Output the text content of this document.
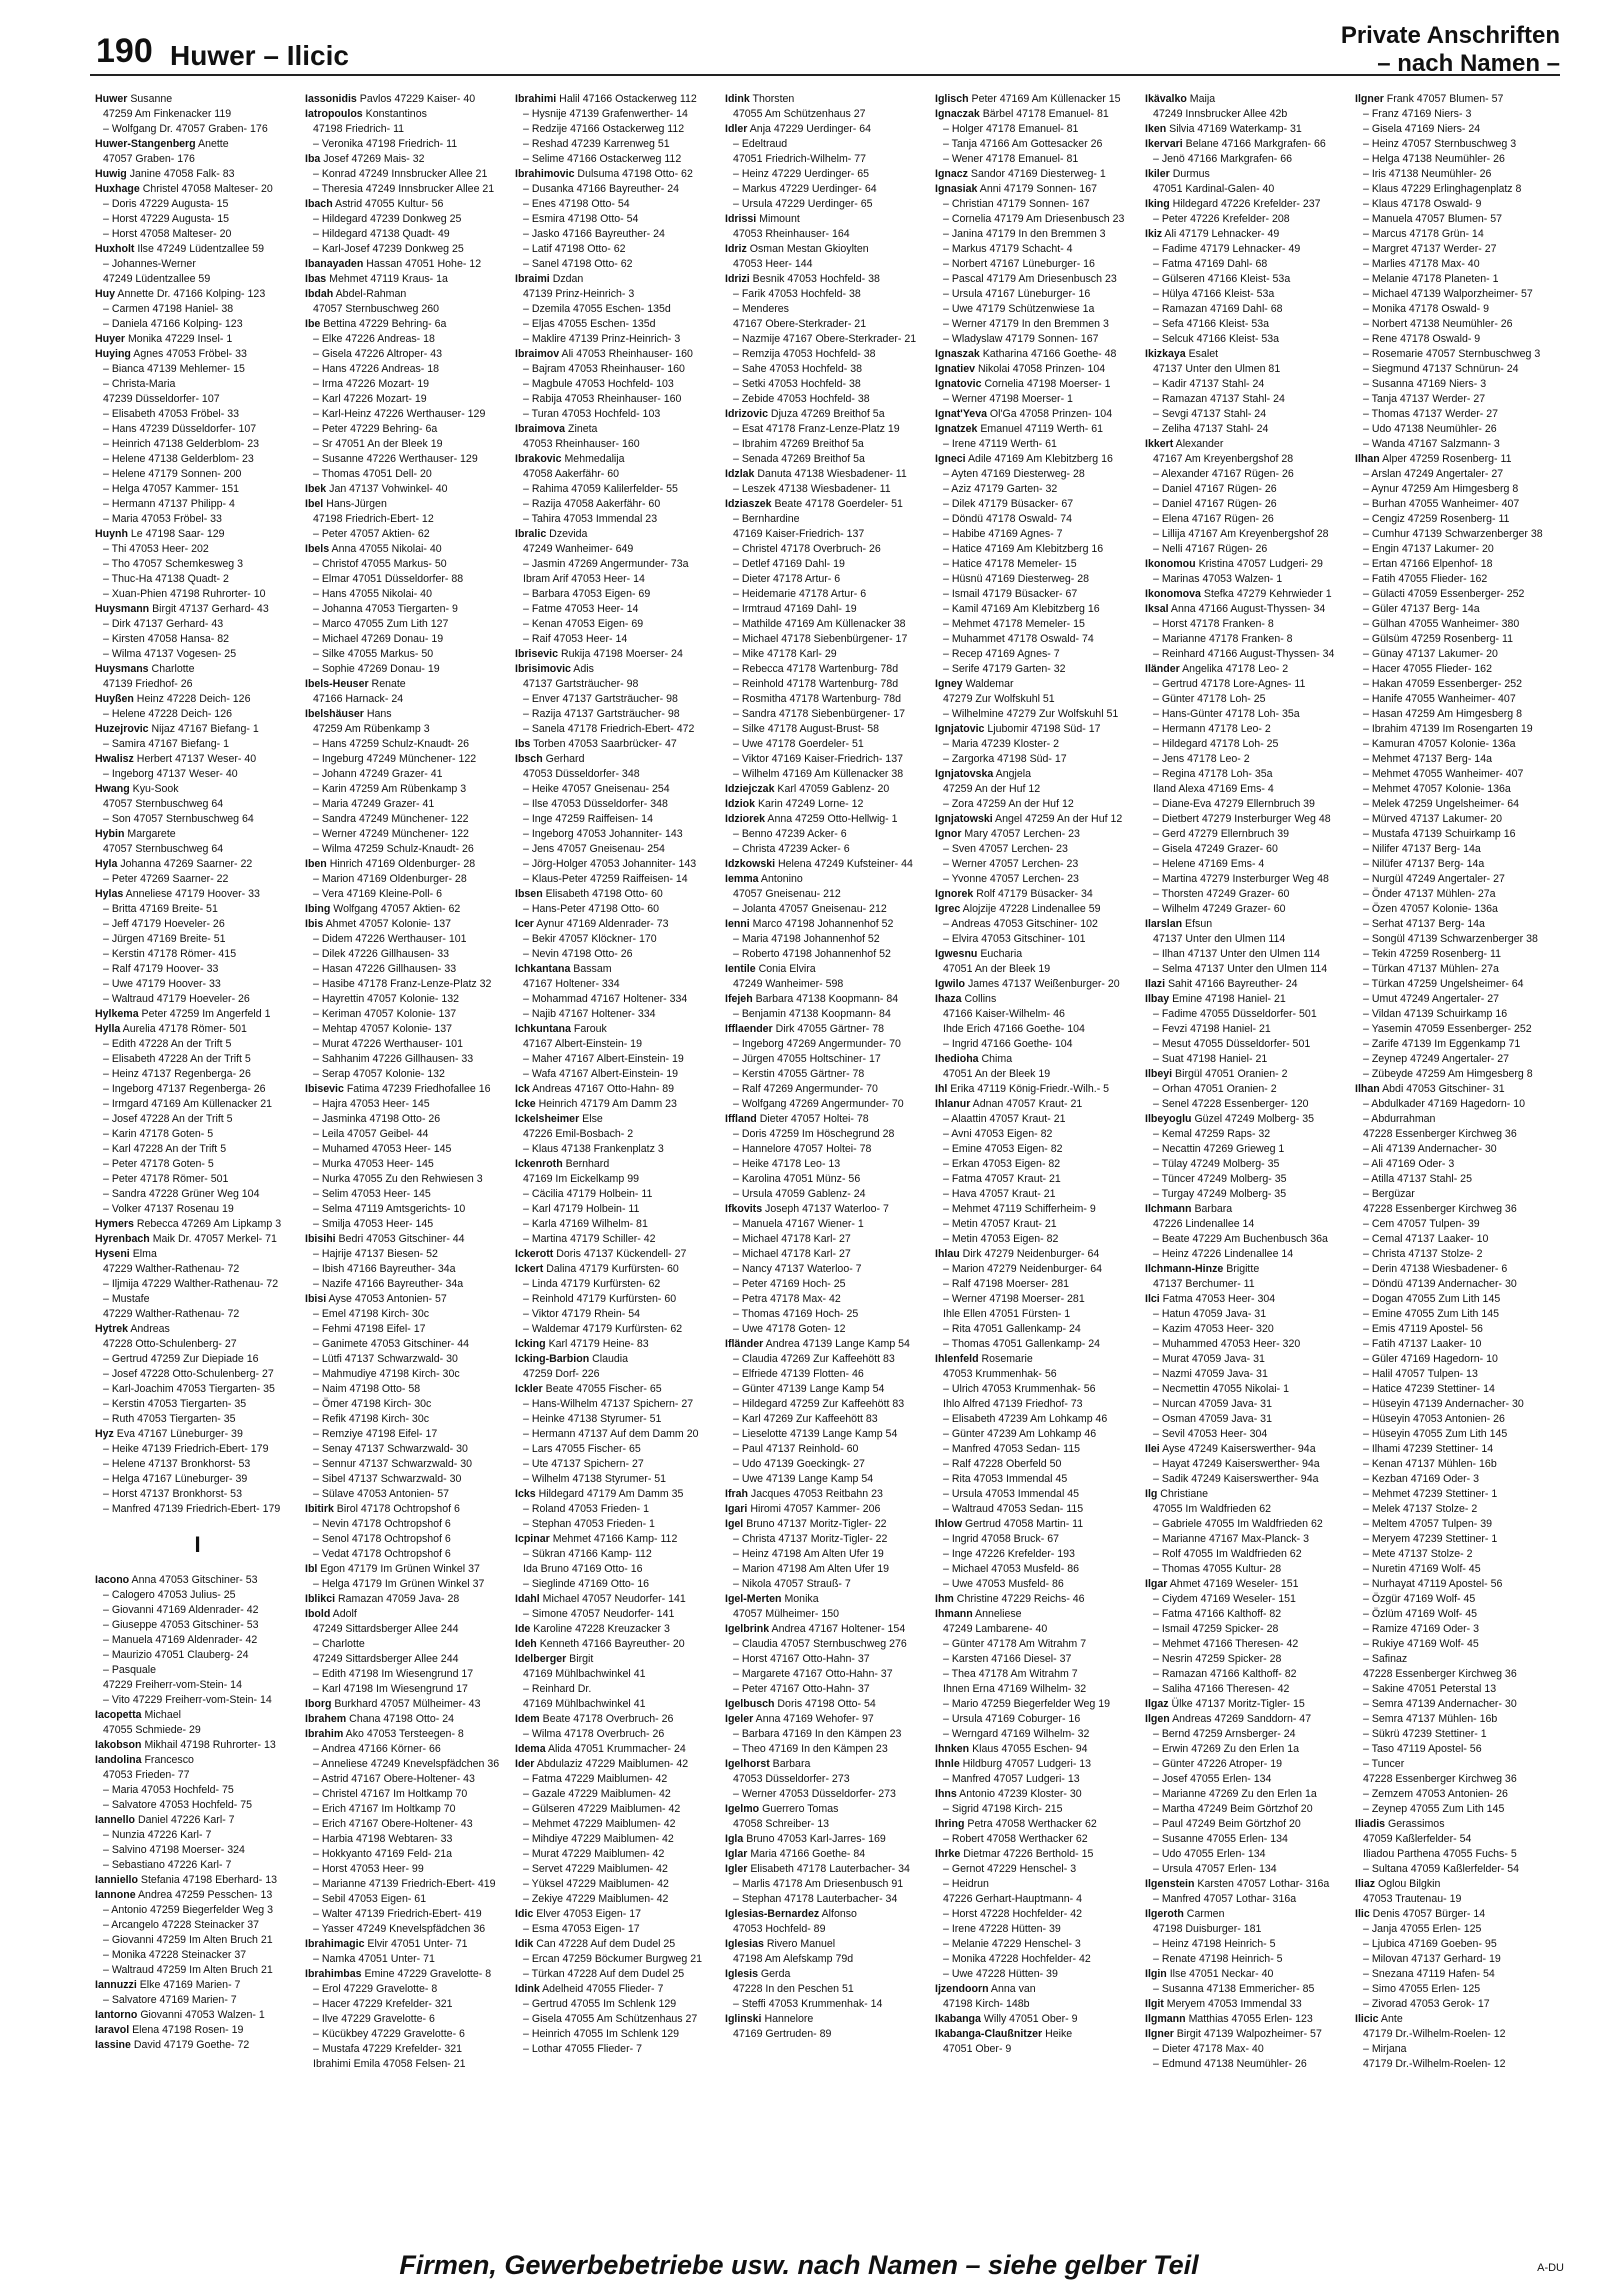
190 Huwer – Ilicic
Private Anschriften
– nach Namen –

Huwer Susanne

47259 Am Finkenacker 119

– Wolfgang Dr. 47057 Graben- 176

Huwer-Stangenberg Anette

47057 Graben- 176

Huwig Janine 47058 Falk- 83

Huxhage Christel 47058 Malteser- 20

– Doris 47229 Augusta- 15

– Horst 47229 Augusta- 15

– Horst 47058 Malteser- 20

Huxholt Ilse 47249 Lüdentzallee 59

– Johannes-Werner

47249 Lüdentzallee 59

Huy Annette Dr. 47166 Kolping- 123

– Carmen 47198 Haniel- 38

– Daniela 47166 Kolping- 123

Huyer Monika 47229 Insel- 1

Huying Agnes 47053 Fröbel- 33

– Bianca 47139 Mehlemer- 15

– Christa-Maria

47239 Düsseldorfer- 107

– Elisabeth 47053 Fröbel- 33

– Hans 47239 Düsseldorfer- 107

– Heinrich 47138 Gelderblom- 23

– Helene 47138 Gelderblom- 23

– Helene 47179 Sonnen- 200

– Helga 47057 Kammer- 151

– Hermann 47137 Philipp- 4

– Maria 47053 Fröbel- 33

Huynh Le 47198 Saar- 129

– Thi 47053 Heer- 202

– Tho 47057 Schemkesweg 3

– Thuc-Ha 47138 Quadt- 2

– Xuan-Phien 47198 Ruhrorter- 10

Huysmann Birgit 47137 Gerhard- 43

– Dirk 47137 Gerhard- 43

– Kirsten 47058 Hansa- 82

– Wilma 47137 Vogesen- 25

Huysmans Charlotte

47139 Friedhof- 26

Huyßen Heinz 47228 Deich- 126

– Helene 47228 Deich- 126

Huzejrovic Nijaz 47167 Biefang- 1

– Samira 47167 Biefang- 1

Hwalisz Herbert 47137 Weser- 40

– Ingeborg 47137 Weser- 40

Hwang Kyu-Sook

47057 Sternbuschweg 64

– Son 47057 Sternbuschweg 64

Hybin Margarete

47057 Sternbuschweg 64

Hyla Johanna 47269 Saarner- 22

– Peter 47269 Saarner- 22

Hylas Anneliese 47179 Hoover- 33

– Britta 47169 Breite- 51

– Jeff 47179 Hoeveler- 26

– Jürgen 47169 Breite- 51

– Kerstin 47178 Römer- 415

– Ralf 47179 Hoover- 33

– Uwe 47179 Hoover- 33

– Waltraud 47179 Hoeveler- 26

Hylkema Peter 47259 Im Angerfeld 1

Hylla Aurelia 47178 Römer- 501

– Edith 47228 An der Trift 5

– Elisabeth 47228 An der Trift 5

– Heinz 47137 Regenberga- 26

– Ingeborg 47137 Regenberga- 26

– Irmgard 47169 Am Küllenacker 21

– Josef 47228 An der Trift 5

– Karin 47178 Goten- 5

– Karl 47228 An der Trift 5

– Peter 47178 Goten- 5

– Peter 47178 Römer- 501

– Sandra 47228 Grüner Weg 104

– Volker 47137 Rosenau 19

Hymers Rebecca 47269 Am Lipkamp 3

Hyrenbach Maik Dr. 47057 Merkel- 71

Hyseni Elma

47229 Walther-Rathenau- 72

– Iljmija 47229 Walther-Rathenau- 72

– Mustafe

47229 Walther-Rathenau- 72

Hytrek Andreas

47228 Otto-Schulenberg- 27

– Gertrud 47259 Zur Diepiade 16

– Josef 47228 Otto-Schulenberg- 27

– Karl-Joachim 47053 Tiergarten- 35

– Kerstin 47053 Tiergarten- 35

– Ruth 47053 Tiergarten- 35

Hyz Eva 47167 Lüneburger- 39

– Heike 47139 Friedrich-Ebert- 179

– Helene 47137 Bronkhorst- 53

– Helga 47167 Lüneburger- 39

– Horst 47137 Bronkhorst- 53

– Manfred 47139 Friedrich-Ebert- 179

I

Iacono Anna 47053 Gitschiner- 53

– Calogero 47053 Julius- 25

– Giovanni 47169 Aldenrader- 42

– Giuseppe 47053 Gitschiner- 53

– Manuela 47169 Aldenrader- 42

– Maurizio 47051 Clauberg- 24

– Pasquale

47229 Freiherr-vom-Stein- 14

– Vito 47229 Freiherr-vom-Stein- 14

Iacopetta Michael

47055 Schmiede- 29

Iakobson Mikhail 47198 Ruhrorter- 13

Iandolina Francesco

47053 Frieden- 77

– Maria 47053 Hochfeld- 75

– Salvatore 47053 Hochfeld- 75

Iannello Daniel 47226 Karl- 7

– Nunzia 47226 Karl- 7

– Salvino 47198 Moerser- 324

– Sebastiano 47226 Karl- 7

Ianniello Stefania 47198 Eberhard- 13

Iannone Andrea 47259 Pesschen- 13

– Antonio 47259 Biegerfelder Weg 3

– Arcangelo 47228 Steinacker 37

– Giovanni 47259 Im Alten Bruch 21

– Monika 47228 Steinacker 37

– Waltraud 47259 Im Alten Bruch 21

Iannuzzi Elke 47169 Marien- 7

– Salvatore 47169 Marien- 7

Iantorno Giovanni 47053 Walzen- 1

Iaravol Elena 47198 Rosen- 19

Iassine David 47179 Goethe- 72

Iassonidis Pavlos 47229 Kaiser- 40

Iatropoulos Konstantinos

47198 Friedrich- 11

– Veronika 47198 Friedrich- 11

Iba Josef 47269 Mais- 32

– Konrad 47249 Innsbrucker Allee 21

– Theresia 47249 Innsbrucker Allee 21

Ibach Astrid 47055 Kultur- 56

– Hildegard 47239 Donkweg 25

– Hildegard 47138 Quadt- 49

– Karl-Josef 47239 Donkweg 25

Ibanayaden Hassan 47051 Hohe- 12

Ibas Mehmet 47119 Kraus- 1a

Ibdah Abdel-Rahman

47057 Sternbuschweg 260

Ibe Bettina 47229 Behring- 6a

– Elke 47226 Andreas- 18

– Gisela 47226 Altroper- 43

– Hans 47226 Andreas- 18

– Irma 47226 Mozart- 19

– Karl 47226 Mozart- 19

– Karl-Heinz 47226 Werthauser- 129

– Peter 47229 Behring- 6a

– Sr 47051 An der Bleek 19

– Susanne 47226 Werthauser- 129

– Thomas 47051 Dell- 20

Ibek Jan 47137 Vohwinkel- 40

Ibel Hans-Jürgen

47198 Friedrich-Ebert- 12

– Peter 47057 Aktien- 62

Ibels Anna 47055 Nikolai- 40

– Christof 47055 Markus- 50

– Elmar 47051 Düsseldorfer- 88

– Hans 47055 Nikolai- 40

– Johanna 47053 Tiergarten- 9

– Marco 47055 Zum Lith 127

– Michael 47269 Donau- 19

– Silke 47055 Markus- 50

– Sophie 47269 Donau- 19

Ibels-Heuser Renate

47166 Harnack- 24

Ibelshäuser Hans

47259 Am Rübenkamp 3

– Hans 47259 Schulz-Knaudt- 26

– Ingeburg 47249 Münchener- 122

– Johann 47249 Grazer- 41

– Karin 47259 Am Rübenkamp 3

– Maria 47249 Grazer- 41

– Sandra 47249 Münchener- 122

– Werner 47249 Münchener- 122

– Wilma 47259 Schulz-Knaudt- 26

Iben Hinrich 47169 Oldenburger- 28

– Marion 47169 Oldenburger- 28

– Vera 47169 Kleine-Poll- 6

Ibing Wolfgang 47057 Aktien- 62

Ibis Ahmet 47057 Kolonie- 137

– Didem 47226 Werthauser- 101

– Dilek 47226 Gillhausen- 33

– Hasan 47226 Gillhausen- 33

– Hasibe 47178 Franz-Lenze-Platz 32

– Hayrettin 47057 Kolonie- 132

– Keriman 47057 Kolonie- 137

– Mehtap 47057 Kolonie- 137

– Murat 47226 Werthauser- 101

– Sahhanim 47226 Gillhausen- 33

– Serap 47057 Kolonie- 132

Ibisevic Fatima 47239 Friedhofallee 16

– Hajra 47053 Heer- 145

– Jasminka 47198 Otto- 26

– Leila 47057 Geibel- 44

– Muhamed 47053 Heer- 145

– Murka 47053 Heer- 145

– Nurka 47055 Zu den Rehwiesen 3

– Selim 47053 Heer- 145

– Selma 47119 Amtsgerichts- 10

– Smilja 47053 Heer- 145

Ibisihi Bedri 47053 Gitschiner- 44

– Hajrije 47137 Biesen- 52

– Ibish 47166 Bayreuther- 34a

– Nazife 47166 Bayreuther- 34a

Ibisi Ayse 47053 Antonien- 57

– Emel 47198 Kirch- 30c

– Fehmi 47198 Eifel- 17

– Ganimete 47053 Gitschiner- 44

– Lütfi 47137 Schwarzwald- 30

– Mahmudiye 47198 Kirch- 30c

– Naim 47198 Otto- 58

– Ömer 47198 Kirch- 30c

– Refik 47198 Kirch- 30c

– Remziye 47198 Eifel- 17

– Senay 47137 Schwarzwald- 30

– Sennur 47137 Schwarzwald- 30

– Sibel 47137 Schwarzwald- 30

– Sülave 47053 Antonien- 57

Ibitirk Birol 47178 Ochtropshof 6

– Nevin 47178 Ochtropshof 6

– Senol 47178 Ochtropshof 6

– Vedat 47178 Ochtropshof 6

Ibl Egon 47179 Im Grünen Winkel 37

– Helga 47179 Im Grünen Winkel 37

Iblikci Ramazan 47059 Java- 28

Ibold Adolf

47249 Sittardsberger Allee 244

– Charlotte

47249 Sittardsberger Allee 244

– Edith 47198 Im Wiesengrund 17

– Karl 47198 Im Wiesengrund 17

Iborg Burkhard 47057 Mülheimer- 43

Ibrahem Chana 47198 Otto- 24

Ibrahim Ako 47053 Tersteegen- 8

– Andrea 47166 Körner- 66

– Anneliese 47249 Knevelspfädchen 36

– Astrid 47167 Obere-Holtener- 43

– Christel 47167 Im Holtkamp 70

– Erich 47167 Im Holtkamp 70

– Erich 47167 Obere-Holtener- 43

– Harbia 47198 Webtaren- 33

– Hokkyanto 47169 Feld- 21a

– Horst 47053 Heer- 99

– Marianne 47139 Friedrich-Ebert- 419

– Sebil 47053 Eigen- 61

– Walter 47139 Friedrich-Ebert- 419

– Yasser 47249 Knevelspfädchen 36

Ibrahimagic Elvir 47051 Unter- 71

– Namka 47051 Unter- 71

Ibrahimbas Emine 47229 Gravelotte- 8

– Erol 47229 Gravelotte- 8

– Hacer 47229 Krefelder- 321

– Ilve 47229 Gravelotte- 6

– Kücükbey 47229 Gravelotte- 6

– Mustafa 47229 Krefelder- 321

Ibrahimi Emila 47058 Felsen- 21

Ibrahimi Halil 47166 Ostackerweg 112

– Hysnije 47139 Grafenwerther- 14

– Redzije 47166 Ostackerweg 112

– Reshad 47239 Karrenweg 51

– Selime 47166 Ostackerweg 112

Ibrahimovic Dulsuma 47198 Otto- 62

– Dusanka 47166 Bayreuther- 24

– Enes 47198 Otto- 54

– Esmira 47198 Otto- 54

– Jasko 47166 Bayreuther- 24

– Latif 47198 Otto- 62

– Sanel 47198 Otto- 62

Ibraimi Dzdan

47139 Prinz-Heinrich- 3

– Dzemila 47055 Eschen- 135d

– Eljas 47055 Eschen- 135d

– Maklire 47139 Prinz-Heinrich- 3

Ibraimov Ali 47053 Rheinhauser- 160

– Bajram 47053 Rheinhauser- 160

– Magbule 47053 Hochfeld- 103

– Rabija 47053 Rheinhauser- 160

– Turan 47053 Hochfeld- 103

Ibraimova Zineta

47053 Rheinhauser- 160

Ibrakovic Mehmedalija

47058 Aakerfähr- 60

– Rahima 47059 Kalilerfelder- 55

– Razija 47058 Aakerfähr- 60

– Tahira 47053 Immendal 23

Ibralic Dzevida

47249 Wanheimer- 649

– Jasmin 47269 Angermunder- 73a

Ibram Arif 47053 Heer- 14

– Barbara 47053 Eigen- 69

– Fatme 47053 Heer- 14

– Kenan 47053 Eigen- 69

– Raif 47053 Heer- 14

Ibrisevic Rukija 47198 Moerser- 24

Ibrisimovic Adis

47137 Gartsträucher- 98

– Enver 47137 Gartsträucher- 98

– Razija 47137 Gartsträucher- 98

– Sanela 47178 Friedrich-Ebert- 472

Ibs Torben 47053 Saarbrücker- 47

Ibsch Gerhard

47053 Düsseldorfer- 348

– Heike 47057 Gneisenau- 254

– Ilse 47053 Düsseldorfer- 348

– Inge 47259 Raiffeisen- 14

– Ingeborg 47053 Johanniter- 143

– Jens 47057 Gneisenau- 254

– Jörg-Holger 47053 Johanniter- 143

– Klaus-Peter 47259 Raiffeisen- 14

Ibsen Elisabeth 47198 Otto- 60

– Hans-Peter 47198 Otto- 60

Icer Aynur 47169 Aldenrader- 73

– Bekir 47057 Klöckner- 170

– Nevin 47198 Otto- 26

Ichkantana Bassam

47167 Holtener- 334

– Mohammad 47167 Holtener- 334

– Najib 47167 Holtener- 334

Ichkuntana Farouk

47167 Albert-Einstein- 19

– Maher 47167 Albert-Einstein- 19

– Wafa 47167 Albert-Einstein- 19

Ick Andreas 47167 Otto-Hahn- 89

Icke Heinrich 47179 Am Damm 23

Ickelsheimer Else

47226 Emil-Bosbach- 2

– Klaus 47138 Frankenplatz 3

Ickenroth Bernhard

47169 Im Eickelkamp 99

– Cäcilia 47179 Holbein- 11

– Karl 47179 Holbein- 11

– Karla 47169 Wilhelm- 81

– Martina 47179 Schiller- 42

Ickerott Doris 47137 Kückendell- 27

Ickert Dalina 47179 Kurfürsten- 60

– Linda 47179 Kurfürsten- 62

– Reinhold 47179 Kurfürsten- 60

– Viktor 47179 Rhein- 54

– Waldemar 47179 Kurfürsten- 62

Icking Karl 47179 Heine- 83

Icking-Barbion Claudia

47259 Dorf- 226

Ickler Beate 47055 Fischer- 65

– Hans-Wilhelm 47137 Spichern- 27

– Heinke 47138 Styrumer- 51

– Hermann 47137 Auf dem Damm 20

– Lars 47055 Fischer- 65

– Ute 47137 Spichern- 27

– Wilhelm 47138 Styrumer- 51

Icks Hildegard 47179 Am Damm 35

– Roland 47053 Frieden- 1

– Stephan 47053 Frieden- 1

Icpinar Mehmet 47166 Kamp- 112

– Sükran 47166 Kamp- 112

Ida Bruno 47169 Otto- 16

– Sieglinde 47169 Otto- 16

Idahl Michael 47057 Neudorfer- 141

– Simone 47057 Neudorfer- 141

Ide Karoline 47228 Kreuzacker 3

Ideh Kenneth 47166 Bayreuther- 20

Idelberger Birgit

47169 Mühlbachwinkel 41

– Reinhard Dr.

47169 Mühlbachwinkel 41

Idem Beate 47178 Overbruch- 26

– Wilma 47178 Overbruch- 26

Idema Alida 47051 Krummacher- 24

Ider Abdulaziz 47229 Maiblumen- 42

– Fatma 47229 Maiblumen- 42

– Gazale 47229 Maiblumen- 42

– Gülseren 47229 Maiblumen- 42

– Mehmet 47229 Maiblumen- 42

– Mihdiye 47229 Maiblumen- 42

– Murat 47229 Maiblumen- 42

– Servet 47229 Maiblumen- 42

– Yüksel 47229 Maiblumen- 42

– Zekiye 47229 Maiblumen- 42

Idic Elver 47053 Eigen- 17

– Esma 47053 Eigen- 17

Idik Can 47228 Auf dem Dudel 25

– Ercan 47259 Böckumer Burgweg 21

– Türkan 47228 Auf dem Dudel 25

Idink Adelheid 47055 Flieder- 7

– Gertrud 47055 Im Schlenk 129

– Gisela 47055 Am Schützenhaus 27

– Heinrich 47055 Im Schlenk 129

– Lothar 47055 Flieder- 7

Idink Thorsten

47055 Am Schützenhaus 27

Idler Anja 47229 Uerdinger- 64

– Edeltraud

47051 Friedrich-Wilhelm- 77

– Heinz 47229 Uerdinger- 65

– Markus 47229 Uerdinger- 64

– Ursula 47229 Uerdinger- 65

Idrissi Mimount

47053 Rheinhauser- 164

Idriz Osman Mestan Gkioylten

47053 Heer- 144

Idrizi Besnik 47053 Hochfeld- 38

– Farik 47053 Hochfeld- 38

– Menderes

47167 Obere-Sterkrader- 21

– Nazmije 47167 Obere-Sterkrader- 21

– Remzija 47053 Hochfeld- 38

– Sahe 47053 Hochfeld- 38

– Setki 47053 Hochfeld- 38

– Zebide 47053 Hochfeld- 38

Idrizovic Djuza 47269 Breithof 5a

– Esat 47178 Franz-Lenze-Platz 19

– Ibrahim 47269 Breithof 5a

– Senada 47269 Breithof 5a

Idzlak Danuta 47138 Wiesbadener- 11

– Leszek 47138 Wiesbadener- 11

Idziaszek Beate 47178 Goerdeler- 51

– Bernhardine

47169 Kaiser-Friedrich- 137

– Christel 47178 Overbruch- 26

– Detlef 47169 Dahl- 19

– Dieter 47178 Artur- 6

– Heidemarie 47178 Artur- 6

– Irmtraud 47169 Dahl- 19

– Mathilde 47169 Am Küllenacker 38

– Michael 47178 Siebenbürgener- 17

– Mike 47178 Karl- 29

– Rebecca 47178 Wartenburg- 78d

– Reinhold 47178 Wartenburg- 78d

– Rosmitha 47178 Wartenburg- 78d

– Sandra 47178 Siebenbürgener- 17

– Silke 47178 August-Brust- 58

– Uwe 47178 Goerdeler- 51

– Viktor 47169 Kaiser-Friedrich- 137

– Wilhelm 47169 Am Küllenacker 38

Idziejczak Karl 47059 Gablenz- 20

Idziok Karin 47249 Lorne- 12

Idziorek Anna 47259 Otto-Hellwig- 1

– Benno 47239 Acker- 6

– Christa 47239 Acker- 6

Idzkowski Helena 47249 Kufsteiner- 44

Iemma Antonino

47057 Gneisenau- 212

– Jolanta 47057 Gneisenau- 212

Ienni Marco 47198 Johannenhof 52

– Maria 47198 Johannenhof 52

– Roberto 47198 Johannenhof 52

Ientile Conia Elvira

47249 Wanheimer- 598

Ifejeh Barbara 47138 Koopmann- 84

– Benjamin 47138 Koopmann- 84

Ifflaender Dirk 47055 Gärtner- 78

– Ingeborg 47269 Angermunder- 70

– Jürgen 47055 Holtschiner- 17

– Kerstin 47055 Gärtner- 78

– Ralf 47269 Angermunder- 70

– Wolfgang 47269 Angermunder- 70

Iffland Dieter 47057 Holtei- 78

– Doris 47259 Im Höschegrund 28

– Hannelore 47057 Holtei- 78

– Heike 47178 Leo- 13

– Karolina 47051 Münz- 56

– Ursula 47059 Gablenz- 24

Ifkovits Joseph 47137 Waterloo- 7

– Manuela 47167 Wiener- 1

– Michael 47178 Karl- 27

– Michael 47178 Karl- 27

– Nancy 47137 Waterloo- 7

– Peter 47169 Hoch- 25

– Petra 47178 Max- 42

– Thomas 47169 Hoch- 25

– Uwe 47178 Goten- 12

Ifländer Andrea 47139 Lange Kamp 54

– Claudia 47269 Zur Kaffeehött 83

– Elfriede 47139 Flotten- 46

– Günter 47139 Lange Kamp 54

– Hildegard 47259 Zur Kaffeehött 83

– Karl 47269 Zur Kaffeehött 83

– Lieselotte 47139 Lange Kamp 54

– Paul 47137 Reinhold- 60

– Udo 47139 Goeckingk- 27

– Uwe 47139 Lange Kamp 54

Ifrah Jacques 47053 Reitbahn 23

Igari Hiromi 47057 Kammer- 206

Igel Bruno 47137 Moritz-Tigler- 22

– Christa 47137 Moritz-Tigler- 22

– Heinz 47198 Am Alten Ufer 19

– Marion 47198 Am Alten Ufer 19

– Nikola 47057 Strauß- 7

Igel-Merten Monika

47057 Mülheimer- 150

Igelbrink Andrea 47167 Holtener- 154

– Claudia 47057 Sternbuschweg 276

– Horst 47167 Otto-Hahn- 37

– Margarete 47167 Otto-Hahn- 37

– Peter 47167 Otto-Hahn- 37

Igelbusch Doris 47198 Otto- 54

Igeler Anna 47169 Wehofer- 97

– Barbara 47169 In den Kämpen 23

– Theo 47169 In den Kämpen 23

Igelhorst Barbara

47053 Düsseldorfer- 273

– Werner 47053 Düsseldorfer- 273

Igelmo Guerrero Tomas

47058 Schreiber- 13

Igla Bruno 47053 Karl-Jarres- 169

Iglar Maria 47166 Goethe- 84

Igler Elisabeth 47178 Lauterbacher- 34

– Marlis 47178 Am Driesenbusch 91

– Stephan 47178 Lauterbacher- 34

Iglesias-Bernardez Alfonso

47053 Hochfeld- 89

Iglesias Rivero Manuel

47198 Am Alefskamp 79d

Iglesis Gerda

47228 In den Peschen 51

– Steffi 47053 Krummenhak- 14

Iglinski Hannelore

47169 Gertruden- 89

Iglisch Peter 47169 Am Küllenacker 15

Ignaczak Bärbel 47178 Emanuel- 81

– Holger 47178 Emanuel- 81

– Tanja 47166 Am Gottesacker 26

– Wener 47178 Emanuel- 81

Ignacz Sandor 47169 Diesterweg- 1

Ignasiak Anni 47179 Sonnen- 167

– Christian 47179 Sonnen- 167

– Cornelia 47179 Am Driesenbusch 23

– Janina 47179 In den Bremmen 3

– Markus 47179 Schacht- 4

– Norbert 47167 Lüneburger- 16

– Pascal 47179 Am Driesenbusch 23

– Ursula 47167 Lüneburger- 16

– Uwe 47179 Schützenwiese 1a

– Werner 47179 In den Bremmen 3

– Wladyslaw 47179 Sonnen- 167

Ignaszak Katharina 47166 Goethe- 48

Ignatiev Nikolai 47058 Prinzen- 104

Ignatovic Cornelia 47198 Moerser- 1

– Werner 47198 Moerser- 1

Ignat'Yeva Ol'Ga 47058 Prinzen- 104

Ignatzek Emanuel 47119 Werth- 61

– Irene 47119 Werth- 61

Igneci Adile 47169 Am Klebitzberg 16

– Ayten 47169 Diesterweg- 28

– Aziz 47179 Garten- 32

– Dilek 47179 Büsacker- 67

– Döndü 47178 Oswald- 74

– Habibe 47169 Agnes- 7

– Hatice 47169 Am Klebitzberg 16

– Hatice 47178 Memeler- 15

– Hüsnü 47169 Diesterweg- 28

– Ismail 47179 Büsacker- 67

– Kamil 47169 Am Klebitzberg 16

– Mehmet 47178 Memeler- 15

– Muhammet 47178 Oswald- 74

– Recep 47169 Agnes- 7

– Serife 47179 Garten- 32

Igney Waldemar

47279 Zur Wolfskuhl 51

– Wilhelmine 47279 Zur Wolfskuhl 51

Ignjatovic Ljubomir 47198 Süd- 17

– Maria 47239 Kloster- 2

– Zargorka 47198 Süd- 17

Ignjatovska Angjela

47259 An der Huf 12

– Zora 47259 An der Huf 12

Ignjatowski Angel 47259 An der Huf 12

Ignor Mary 47057 Lerchen- 23

– Sven 47057 Lerchen- 23

– Werner 47057 Lerchen- 23

– Yvonne 47057 Lerchen- 23

Ignorek Rolf 47179 Büsacker- 34

Igrec Alojzije 47228 Lindenallee 59

– Andreas 47053 Gitschiner- 102

– Elvira 47053 Gitschiner- 101

Igwesnu Eucharia

47051 An der Bleek 19

Igwilo James 47137 Weißenburger- 20

Ihaza Collins

47166 Kaiser-Wilhelm- 46

Ihde Erich 47166 Goethe- 104

– Ingrid 47166 Goethe- 104

Ihedioha Chima

47051 An der Bleek 19

Ihl Erika 47119 König-Friedr.-Wilh.- 5

Ihlanur Adnan 47057 Kraut- 21

– Alaattin 47057 Kraut- 21

– Avni 47053 Eigen- 82

– Emine 47053 Eigen- 82

– Erkan 47053 Eigen- 82

– Fatma 47057 Kraut- 21

– Hava 47057 Kraut- 21

– Mehmet 47119 Schifferheim- 9

– Metin 47057 Kraut- 21

– Metin 47053 Eigen- 82

Ihlau Dirk 47279 Neidenburger- 64

– Marion 47279 Neidenburger- 64

– Ralf 47198 Moerser- 281

– Werner 47198 Moerser- 281

Ihle Ellen 47051 Fürsten- 1

– Rita 47051 Gallenkamp- 24

– Thomas 47051 Gallenkamp- 24

Ihlenfeld Rosemarie

47053 Krummenhak- 56

– Ulrich 47053 Krummenhak- 56

Ihlo Alfred 47139 Friedhof- 73

– Elisabeth 47239 Am Lohkamp 46

– Günter 47239 Am Lohkamp 46

– Manfred 47053 Sedan- 115

– Ralf 47228 Oberfeld 50

– Rita 47053 Immendal 45

– Ursula 47053 Immendal 45

– Waltraud 47053 Sedan- 115

Ihlow Gertrud 47058 Martin- 11

– Ingrid 47058 Bruck- 67

– Inge 47226 Krefelder- 193

– Michael 47053 Musfeld- 86

– Uwe 47053 Musfeld- 86

Ihm Christine 47229 Reichs- 46

Ihmann Anneliese

47249 Lambarene- 40

– Günter 47178 Am Witrahm 7

– Karsten 47166 Diesel- 37

– Thea 47178 Am Witrahm 7

Ihnen Erna 47169 Wilhelm- 32

– Mario 47259 Biegerfelder Weg 19

– Ursula 47169 Coburger- 16

– Werngard 47169 Wilhelm- 32

Ihnken Klaus 47055 Eschen- 94

Ihnle Hildburg 47057 Ludgeri- 13

– Manfred 47057 Ludgeri- 13

Ihns Antonio 47239 Kloster- 30

– Sigrid 47198 Kirch- 215

Ihring Petra 47058 Werthacker 62

– Robert 47058 Werthacker 62

Ihrke Dietmar 47226 Berthold- 15

– Gernot 47229 Henschel- 3

– Heidrun

47226 Gerhart-Hauptmann- 4

– Horst 47228 Hochfelder- 42

– Irene 47228 Hütten- 39

– Melanie 47229 Henschel- 3

– Monika 47228 Hochfelder- 42

– Uwe 47228 Hütten- 39

Ijzendoorn Anna van

47198 Kirch- 148b

Ikabanga Willy 47051 Ober- 9

Ikabanga-Claußnitzer Heike

47051 Ober- 9

Ikävalko Maija

47249 Innsbrucker Allee 42b

Iken Silvia 47169 Waterkamp- 31

Ikervari Belane 47166 Markgrafen- 66

– Jenö 47166 Markgrafen- 66

Ikiler Durmus

47051 Kardinal-Galen- 40

Iking Hildegard 47226 Krefelder- 237

– Peter 47226 Krefelder- 208

Ikiz Ali 47179 Lehnacker- 49

– Fadime 47179 Lehnacker- 49

– Fatma 47169 Dahl- 68

– Gülseren 47166 Kleist- 53a

– Hülya 47166 Kleist- 53a

– Ramazan 47169 Dahl- 68

– Sefa 47166 Kleist- 53a

– Selcuk 47166 Kleist- 53a

Ikizkaya Esalet

47137 Unter den Ulmen 81

– Kadir 47137 Stahl- 24

– Ramazan 47137 Stahl- 24

– Sevgi 47137 Stahl- 24

– Zeliha 47137 Stahl- 24

Ikkert Alexander

47167 Am Kreyenbergshof 28

– Alexander 47167 Rügen- 26

– Daniel 47167 Rügen- 26

– Daniel 47167 Rügen- 26

– Elena 47167 Rügen- 26

– Lillija 47167 Am Kreyenbergshof 28

– Nelli 47167 Rügen- 26

Ikonomou Kristina 47057 Ludgeri- 29

– Marinas 47053 Walzen- 1

Ikonomova Stefka 47279 Kehrwieder 1

Iksal Anna 47166 August-Thyssen- 34

– Horst 47178 Franken- 8

– Marianne 47178 Franken- 8

– Reinhard 47166 August-Thyssen- 34

Iländer Angelika 47178 Leo- 2

– Gertrud 47178 Lore-Agnes- 11

– Günter 47178 Loh- 25

– Hans-Günter 47178 Loh- 35a

– Hermann 47178 Leo- 2

– Hildegard 47178 Loh- 25

– Jens 47178 Leo- 2

– Regina 47178 Loh- 35a

Iland Alexa 47169 Ems- 4

– Diane-Eva 47279 Ellernbruch 39

– Dietbert 47279 Insterburger Weg 48

– Gerd 47279 Ellernbruch 39

– Gisela 47249 Grazer- 60

– Helene 47169 Ems- 4

– Martina 47279 Insterburger Weg 48

– Thorsten 47249 Grazer- 60

– Wilhelm 47249 Grazer- 60

Ilarslan Efsun

47137 Unter den Ulmen 114

– Ilhan 47137 Unter den Ulmen 114

– Selma 47137 Unter den Ulmen 114

Ilazi Sahit 47166 Bayreuther- 24

Ilbay Emine 47198 Haniel- 21

– Fadime 47055 Düsseldorfer- 501

– Fevzi 47198 Haniel- 21

– Mesut 47055 Düsseldorfer- 501

– Suat 47198 Haniel- 21

Ilbeyi Birgül 47051 Oranien- 2

– Orhan 47051 Oranien- 2

– Senel 47228 Essenberger- 120

Ilbeyoglu Güzel 47249 Molberg- 35

– Kemal 47259 Raps- 32

– Necattin 47269 Grieweg 1

– Tülay 47249 Molberg- 35

– Tüncer 47249 Molberg- 35

– Turgay 47249 Molberg- 35

Ilchmann Barbara

47226 Lindenallee 14

– Beate 47229 Am Buchenbusch 36a

– Heinz 47226 Lindenallee 14

Ilchmann-Hinze Brigitte

47137 Berchumer- 11

Ilci Fatma 47053 Heer- 304

– Hatun 47059 Java- 31

– Kazim 47053 Heer- 320

– Muhammed 47053 Heer- 320

– Murat 47059 Java- 31

– Nazmi 47059 Java- 31

– Necmettin 47055 Nikolai- 1

– Nurcan 47059 Java- 31

– Osman 47059 Java- 31

– Sevil 47053 Heer- 304

Ilei Ayse 47249 Kaiserswerther- 94a

– Hayat 47249 Kaiserswerther- 94a

– Sadik 47249 Kaiserswerther- 94a

Ilg Christiane

47055 Im Waldfrieden 62

– Gabriele 47055 Im Waldfrieden 62

– Marianne 47167 Max-Planck- 3

– Rolf 47055 Im Waldfrieden 62

– Thomas 47055 Kultur- 28

Ilgar Ahmet 47169 Weseler- 151

– Ciydem 47169 Weseler- 151

– Fatma 47166 Kalthoff- 82

– Ismail 47259 Spicker- 28

– Mehmet 47166 Theresen- 42

– Nesrin 47259 Spicker- 28

– Ramazan 47166 Kalthoff- 82

– Saliha 47166 Theresen- 42

Ilgaz Ülke 47137 Moritz-Tigler- 15

Ilgen Andreas 47269 Sanddorn- 47

– Bernd 47259 Arnsberger- 24

– Erwin 47269 Zu den Erlen 1a

– Günter 47226 Atroper- 19

– Josef 47055 Erlen- 134

– Marianne 47269 Zu den Erlen 1a

– Martha 47249 Beim Görtzhof 20

– Paul 47249 Beim Görtzhof 20

– Susanne 47055 Erlen- 134

– Udo 47055 Erlen- 134

– Ursula 47057 Erlen- 134

Ilgenstein Karsten 47057 Lothar- 316a

– Manfred 47057 Lothar- 316a

Ilgeroth Carmen

47198 Duisburger- 181

– Heinz 47198 Heinrich- 5

– Renate 47198 Heinrich- 5

Ilgin Ilse 47051 Neckar- 40

– Susanna 47138 Emmericher- 85

Ilgit Meryem 47053 Immendal 33

Ilgmann Matthias 47055 Erlen- 123

Ilgner Birgit 47139 Walpozheimer- 57

– Dieter 47178 Max- 40

– Edmund 47138 Neumühler- 26

Ilgner Frank 47057 Blumen- 57

– Franz 47169 Niers- 3

– Gisela 47169 Niers- 24

– Heinz 47057 Sternbuschweg 3

– Helga 47138 Neumühler- 26

– Iris 47138 Neumühler- 26

– Klaus 47229 Erlinghagenplatz 8

– Klaus 47178 Oswald- 9

– Manuela 47057 Blumen- 57

– Marcus 47178 Grün- 14

– Margret 47137 Werder- 27

– Marlies 47178 Max- 40

– Melanie 47178 Planeten- 1

– Michael 47139 Walporzheimer- 57

– Monika 47178 Oswald- 9

– Norbert 47138 Neumühler- 26

– Rene 47178 Oswald- 9

– Rosemarie 47057 Sternbuschweg 3

– Siegmund 47137 Schnürun- 24

– Susanna 47169 Niers- 3

– Tanja 47137 Werder- 27

– Thomas 47137 Werder- 27

– Udo 47138 Neumühler- 26

– Wanda 47167 Salzmann- 3

Ilhan Alper 47259 Rosenberg- 11

– Arslan 47249 Angertaler- 27

– Aynur 47259 Am Himgesberg 8

– Burhan 47055 Wanheimer- 407

– Cengiz 47259 Rosenberg- 11

– Cumhur 47139 Schwarzenberger 38

– Engin 47137 Lakumer- 20

– Ertan 47166 Elpenhof- 18

– Fatih 47055 Flieder- 162

– Gülacti 47059 Essenberger- 252

– Güler 47137 Berg- 14a

– Gülhan 47055 Wanheimer- 380

– Gülsüm 47259 Rosenberg- 11

– Günay 47137 Lakumer- 20

– Hacer 47055 Flieder- 162

– Hakan 47059 Essenberger- 252

– Hanife 47055 Wanheimer- 407

– Hasan 47259 Am Himgesberg 8

– Ibrahim 47139 Im Rosengarten 19

– Kamuran 47057 Kolonie- 136a

– Mehmet 47137 Berg- 14a

– Mehmet 47055 Wanheimer- 407

– Mehmet 47057 Kolonie- 136a

– Melek 47259 Ungelsheimer- 64

– Mürved 47137 Lakumer- 20

– Mustafa 47139 Schuirkamp 16

– Nilifer 47137 Berg- 14a

– Nilüfer 47137 Berg- 14a

– Nurgül 47249 Angertaler- 27

– Önder 47137 Mühlen- 27a

– Özen 47057 Kolonie- 136a

– Serhat 47137 Berg- 14a

– Songül 47139 Schwarzenberger 38

– Tekin 47259 Rosenberg- 11

– Türkan 47137 Mühlen- 27a

– Türkan 47259 Ungelsheimer- 64

– Umut 47249 Angertaler- 27

– Vildan 47139 Schuirkamp 16

– Yasemin 47059 Essenberger- 252

– Zarife 47139 Im Eggenkamp 71

– Zeynep 47249 Angertaler- 27

– Zübeyde 47259 Am Himgesberg 8

Ilhan Abdi 47053 Gitschiner- 31

– Abdulkader 47169 Hagedorn- 10

– Abdurrahman

47228 Essenberger Kirchweg 36

– Ali 47139 Andernacher- 30

– Ali 47169 Oder- 3

– Atilla 47137 Stahl- 25

– Bergüzar

47228 Essenberger Kirchweg 36

– Cem 47057 Tulpen- 39

– Cemal 47137 Laaker- 10

– Christa 47137 Stolze- 2

– Derin 47138 Wiesbadener- 6

– Döndü 47139 Andernacher- 30

– Dogan 47055 Zum Lith 145

– Emine 47055 Zum Lith 145

– Emis 47119 Apostel- 56

– Fatih 47137 Laaker- 10

– Güler 47169 Hagedorn- 10

– Halil 47057 Tulpen- 13

– Hatice 47239 Stettiner- 14

– Hüseyin 47139 Andernacher- 30

– Hüseyin 47053 Antonien- 26

– Hüseyin 47055 Zum Lith 145

– Ilhami 47239 Stettiner- 14

– Kenan 47137 Mühlen- 16b

– Kezban 47169 Oder- 3

– Mehmet 47239 Stettiner- 1

– Melek 47137 Stolze- 2

– Meltem 47057 Tulpen- 39

– Meryem 47239 Stettiner- 1

– Mete 47137 Stolze- 2

– Nuretin 47169 Wolf- 45

– Nurhayat 47119 Apostel- 56

– Özgür 47169 Wolf- 45

– Özlüm 47169 Wolf- 45

– Ramize 47169 Oder- 3

– Rukiye 47169 Wolf- 45

– Safinaz

47228 Essenberger Kirchweg 36

– Sakine 47051 Peterstal 13

– Semra 47139 Andernacher- 30

– Semra 47137 Mühlen- 16b

– Sükrü 47239 Stettiner- 1

– Taso 47119 Apostel- 56

– Tuncer

47228 Essenberger Kirchweg 36

– Zemzem 47053 Antonien- 26

– Zeynep 47055 Zum Lith 145

Iliadis Gerassimos

47059 Kaßlerfelder- 54

Iliadou Parthena 47055 Fuchs- 5

– Sultana 47059 Kaßlerfelder- 54

Iliaz Oglou Bilgkin

47053 Trautenau- 19

Ilic Denis 47057 Bürger- 14

– Janja 47055 Erlen- 125

– Ljubica 47169 Goeben- 95

– Milovan 47137 Gerhard- 19

– Snezana 47119 Hafen- 54

– Simo 47055 Erlen- 125

– Zivorad 47053 Gerok- 17

Ilicic Ante

47179 Dr.-Wilhelm-Roelen- 12

– Mirjana

47179 Dr.-Wilhelm-Roelen- 12

Firmen, Gewerbebetriebe usw. nach Namen – siehe gelber Teil	A-DU
